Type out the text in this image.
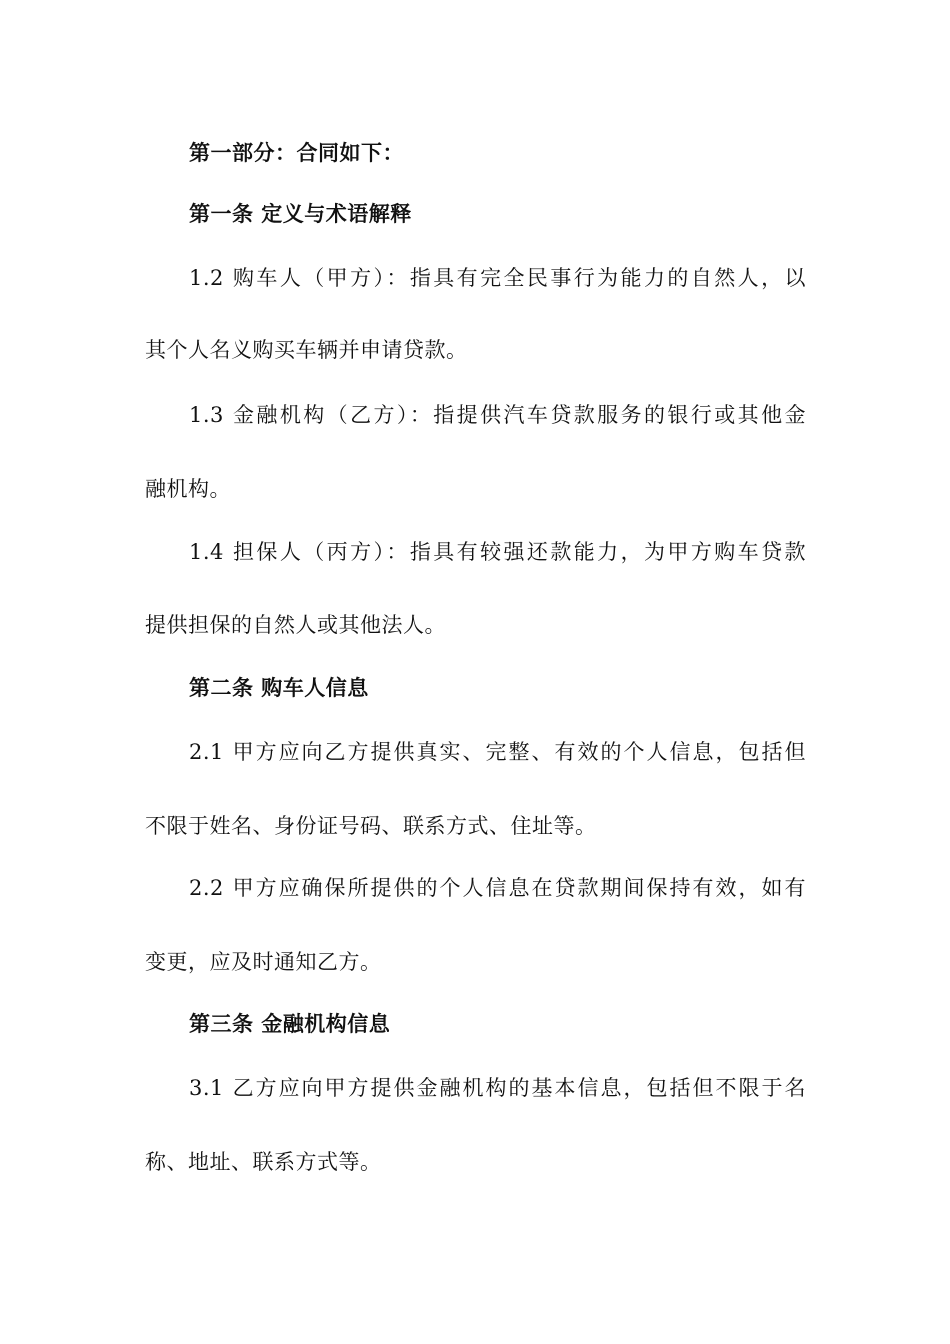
第一部分：合同如下：
第一条 定义与术语解释
1.2 购车人（甲方）：指具有完全民事行为能力的自然人，以
其个人名义购买车辆并申请贷款。
1.3 金融机构（乙方）：指提供汽车贷款服务的银行或其他金
融机构。
1.4 担保人（丙方）：指具有较强还款能力，为甲方购车贷款
提供担保的自然人或其他法人。
第二条 购车人信息
2.1 甲方应向乙方提供真实、完整、有效的个人信息，包括但
不限于姓名、身份证号码、联系方式、住址等。
2.2 甲方应确保所提供的个人信息在贷款期间保持有效，如有
变更，应及时通知乙方。
第三条 金融机构信息
3.1 乙方应向甲方提供金融机构的基本信息，包括但不限于名
称、地址、联系方式等。
